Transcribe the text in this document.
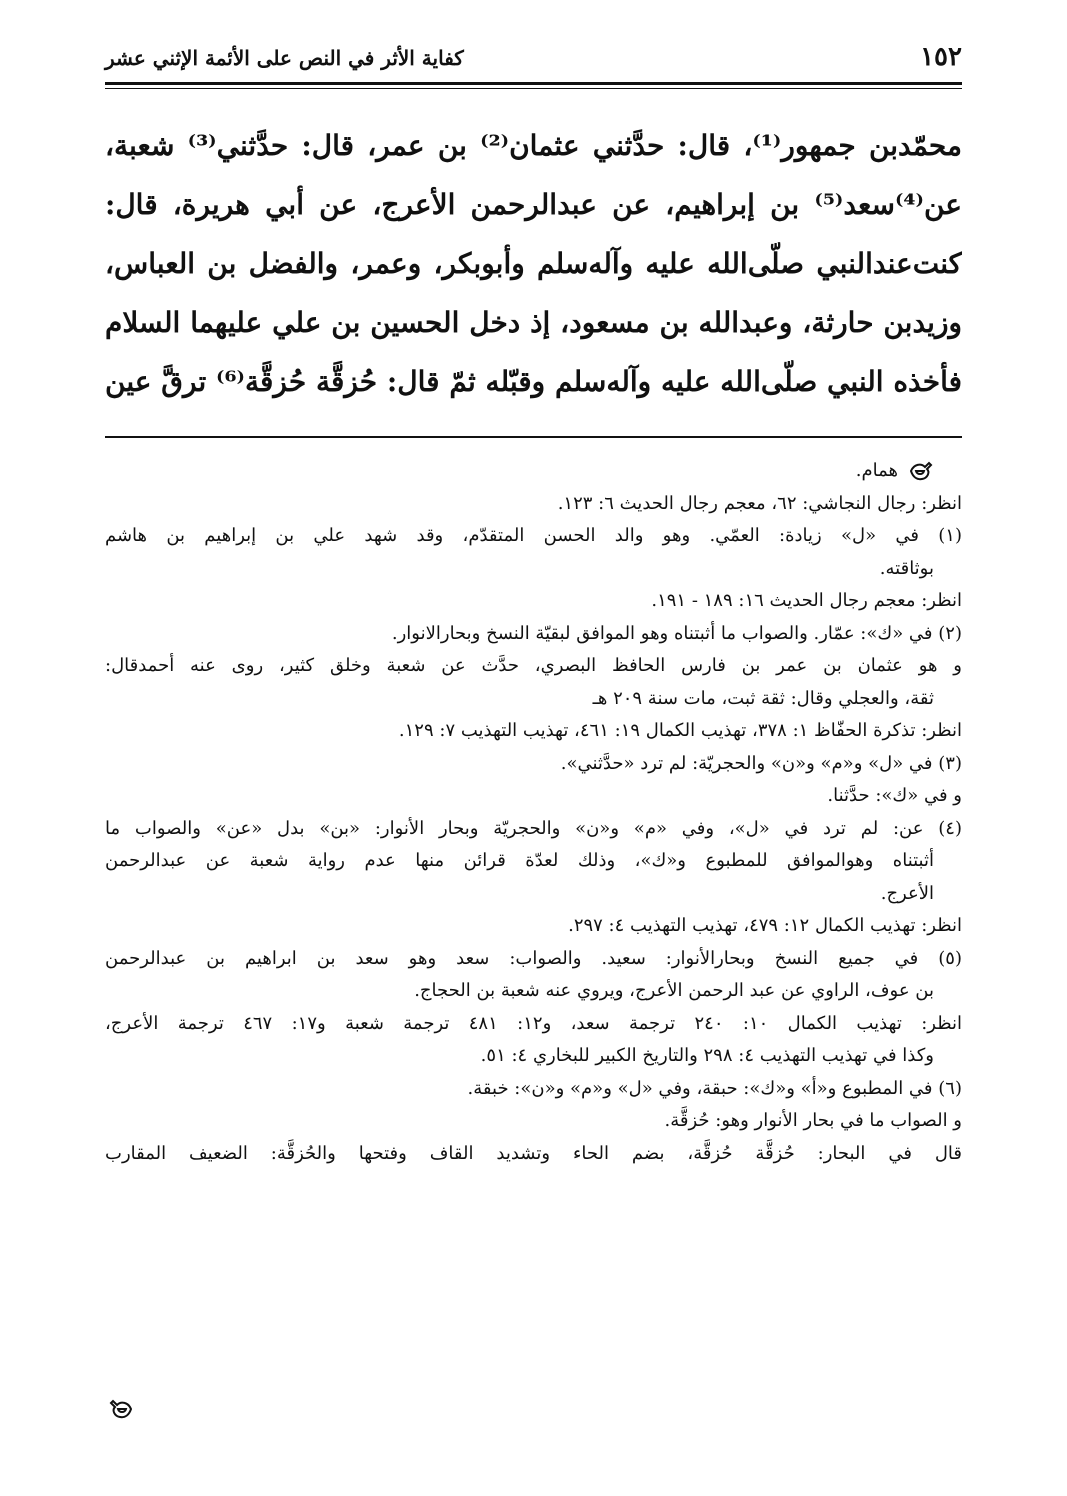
١٥٢
كفاية الأثر في النص على الأئمة الإثني عشر
محمّدبن جمهور⁽¹⁾، قال: حدَّثني عثمان⁽²⁾ بن عمر، قال: حدَّثني⁽³⁾ شعبة،
عن⁽⁴⁾سعد⁽⁵⁾ بن إبراهيم، عن عبدالرحمن الأعرج، عن أبي هريرة، قال:
كنت‌عندالنبي صلّى‌الله عليه وآله‌سلم وأبوبكر، وعمر، والفضل بن العباس،
وزيدبن حارثة، وعبدالله بن مسعود، إذ دخل الحسين بن علي عليهما السلام
فأخذه النبي صلّى‌الله عليه وآله‌سلم وقبّله ثمّ قال: حُزقَّة حُزقَّة⁽⁶⁾ ترقَّ عين
همام.
انظر: رجال النجاشي: ٦٢، معجم رجال الحديث ٦: ١٢٣.
(١) في «ل» زيادة: العمّي. وهو والد الحسن المتقدّم، وقد شهد علي بن إبراهيم بن هاشم
بوثاقته.
انظر: معجم رجال الحديث ١٦: ١٨٩ - ١٩١.
(٢) في «ك»: عمّار. والصواب ما أثبتناه وهو الموافق لبقيّة النسخ وبحارالانوار.
و هو عثمان بن عمر بن فارس الحافظ البصري، حدَّث عن شعبة وخلق كثير، روى عنه أحمدقال:
ثقة، والعجلي وقال: ثقة ثبت، مات سنة ٢٠٩ هـ
انظر: تذكرة الحفّاظ ١: ٣٧٨، تهذيب الكمال ١٩: ٤٦١، تهذيب التهذيب ٧: ١٢٩.
(٣) في «ل» و«م» و«ن» والحجريّة: لم ترد «حدَّثني».
و في «ك»: حدَّثنا.
(٤) عن: لم ترد في «ل»، وفي «م» و«ن» والحجريّة وبحار الأنوار: «بن» بدل «عن» والصواب ما
أثبتناه وهوالموافق للمطبوع و«ك»، وذلك لعدّة قرائن منها عدم رواية شعبة عن عبدالرحمن
الأعرج.
انظر: تهذيب الكمال ١٢: ٤٧٩، تهذيب التهذيب ٤: ٢٩٧.
(٥) في جميع النسخ وبحارالأنوار: سعيد. والصواب: سعد وهو سعد بن ابراهيم بن عبدالرحمن
بن عوف، الراوي عن عبد الرحمن الأعرج، ويروي عنه شعبة بن الحجاج.
انظر: تهذيب الكمال ١٠: ٢٤٠ ترجمة سعد، و١٢: ٤٨١ ترجمة شعبة و١٧: ٤٦٧ ترجمة الأعرج،
وكذا في تهذيب التهذيب ٤: ٢٩٨ والتاريخ الكبير للبخاري ٤: ٥١.
(٦) في المطبوع و«أ» و«ك»: حبقة، وفي «ل» و«م» و«ن»: خبقة.
و الصواب ما في بحار الأنوار وهو: حُزقَّة.
قال في البحار: حُزقَّة حُزقَّة، بضم الحاء وتشديد القاف وفتحها والحُزقَّة: الضعيف المقارب
